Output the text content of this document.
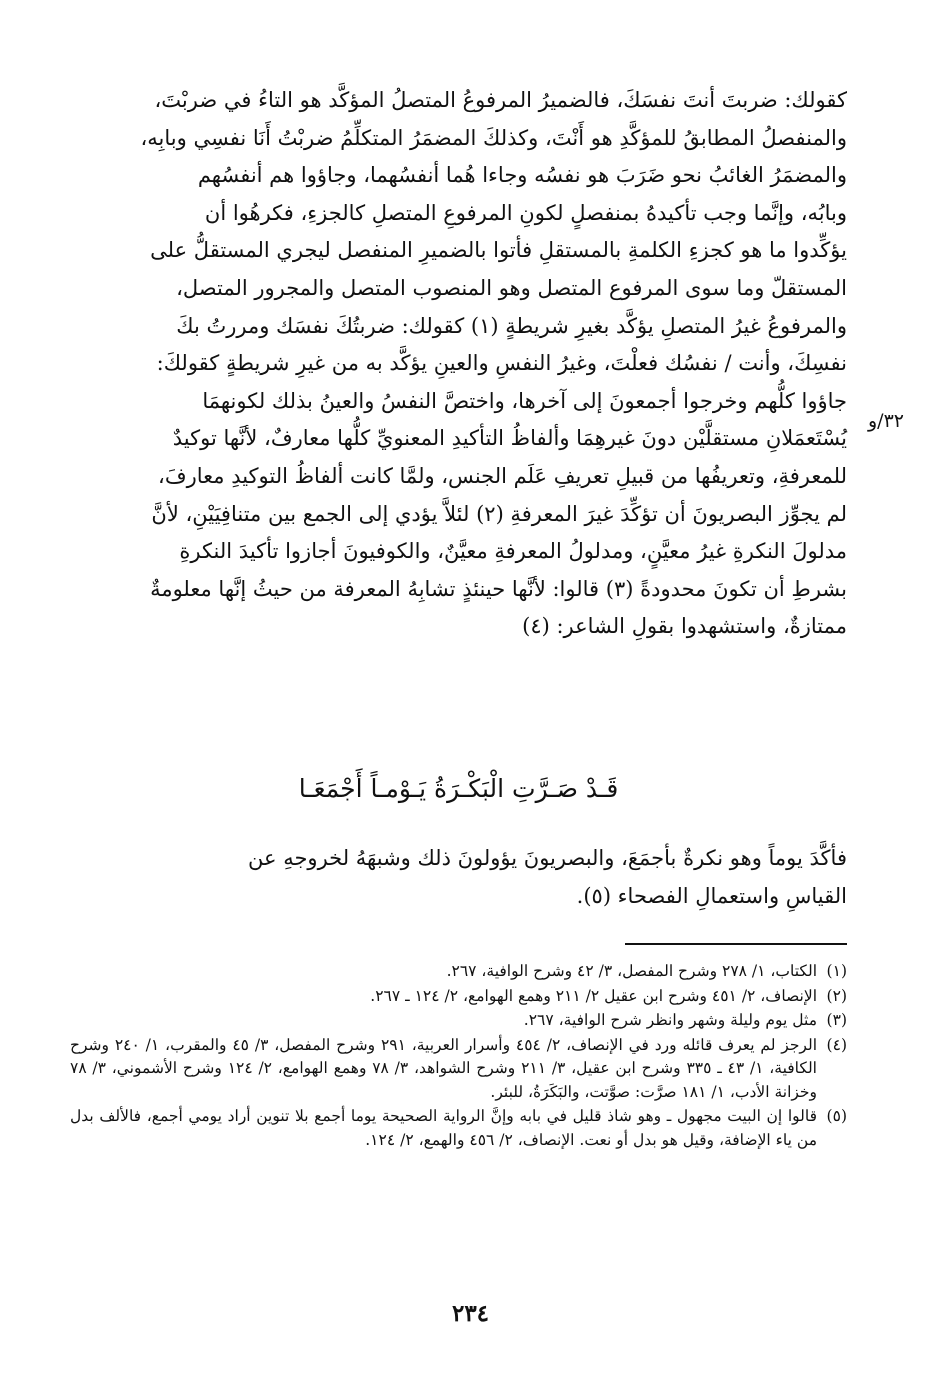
كقولك: ضربتَ أنتَ نفسَكَ، فالضميرُ المرفوعُ المتصلُ المؤكَّد هو التاءُ في ضربْتَ،

والمنفصلُ المطابقُ للمؤكَّدِ هو أَنْتَ، وكذلكَ المضمَرُ المتكلِّمُ ضربْتُ أَنَا نفسِي وبابِه،

والمضمَرُ الغائبُ نحو ضَرَبَ هو نفسُه وجاءا هُما أنفسُهما، وجاؤوا هم أنفسُهم

وبابُه، وإنَّما وجب تأكيدهُ بمنفصلٍ لكونِ المرفوعِ المتصلِ كالجزءِ، فكرهُوا أن

يؤكِّدوا ما هو كجزءِ الكلمةِ بالمستقلِ فأتوا بالضميرِ المنفصل ليجري المستقلُّ على

المستقلّ وما سوى المرفوع المتصل وهو المنصوب المتصل والمجرور المتصل،

والمرفوعُ غيرُ المتصلِ يؤكَّد بغيرِ شريطةٍ (١) كقولك: ضربتُكَ نفسَك ومررتُ بكَ

نفسِكَ، وأنت / نفسُك فعلْتَ، وغيرُ النفسِ والعينِ يؤكَّد به من غيرِ شريطةٍ كقولكَ:

جاؤوا كلُّهم وخرجوا أجمعونَ إلى آخرها، واختصَّ النفسُ والعينُ بذلك لكونهمَا

يُسْتَعمَلانِ مستقلَّيْن دونَ غيرهِمَا وألفاظُ التأكيدِ المعنويِّ كلُّها معارفٌ، لأنَّها توكيدٌ

للمعرفةِ، وتعريفُها من قبيلِ تعريفِ عَلَم الجنس، ولمَّا كانت ألفاظُ التوكيدِ معارفَ،

لم يجوِّز البصريونَ أن تؤكِّدَ غيرَ المعرفةِ (٢) لئلاَّ يؤدي إلى الجمع بين متنافِيَيْنِ، لأنَّ

مدلولَ النكرةِ غيرُ معيَّنٍ، ومدلولُ المعرفةِ معيَّنٌ، والكوفيونَ أجازوا تأكيدَ النكرةِ

بشرطِ أن تكونَ محدودةً (٣) قالوا: لأنَّها حينئذٍ تشابِهُ المعرفة من حيثُ إنَّها معلومةٌ

ممتازةٌ، واستشهدوا بقولِ الشاعر: (٤)

٣٢/و
قَـدْ صَـرَّتِ الْبَكْـرَةُ يَـوْمـاً أَجْمَعَـا

فأكَّدَ يوماً وهو نكرةٌ بأجمَعَ، والبصريونَ يؤولونَ ذلك وشبهَهُ لخروجهِ عن

القياسِ واستعمالِ الفصحاء (٥).

(١)
الكتاب، ١/ ٢٧٨ وشرح المفصل، ٣/ ٤٢ وشرح الوافية، ٢٦٧.
(٢)
الإنصاف، ٢/ ٤٥١ وشرح ابن عقيل ٢/ ٢١١ وهمع الهوامع، ٢/ ١٢٤ ـ ٢٦٧.
(٣)
مثل يوم وليلة وشهر وانظر شرح الوافية، ٢٦٧.
(٤)
الرجز لم يعرف قائله ورد في الإنصاف، ٢/ ٤٥٤ وأسرار العربية، ٢٩١ وشرح المفصل، ٣/ ٤٥ والمقرب، ١/ ٢٤٠ وشرح الكافية، ١/ ٤٣ ـ ٣٣٥ وشرح ابن عقيل، ٣/ ٢١١ وشرح الشواهد، ٣/ ٧٨ وهمع الهوامع، ٢/ ١٢٤ وشرح الأشموني، ٣/ ٧٨ وخزانة الأدب، ١/ ١٨١ صرَّت: صوَّتت، والبَكَرَةُ، للبئر.
(٥)
قالوا إن البيت مجهول ـ وهو شاذ قليل في بابه وإنَّ الرواية الصحيحة يوما أجمع بلا تنوين أراد يومي أجمع، فالألف بدل من ياء الإضافة، وقيل هو بدل أو نعت. الإنصاف، ٢/ ٤٥٦ والهمع، ٢/ ١٢٤.
٢٣٤
